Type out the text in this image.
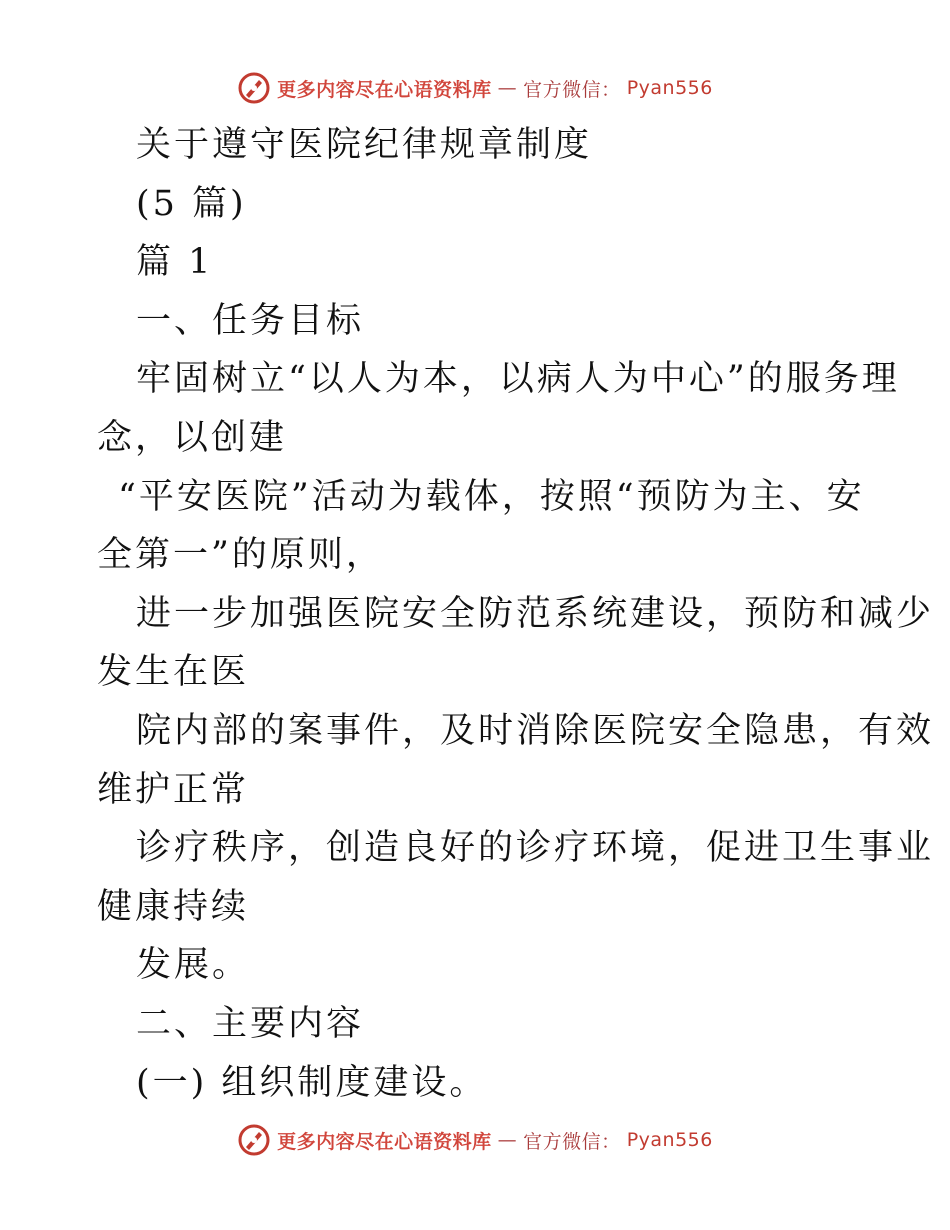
更多内容尽在心语资料库 — 官方微信： Pyan556
关于遵守医院纪律规章制度
(5 篇)
篇 1
一、任务目标
牢固树立“以人为本，以病人为中心”的服务理
念，以创建
“平安医院”活动为载体，按照“预防为主、安
全第一”的原则，
进一步加强医院安全防范系统建设，预防和减少
发生在医
院内部的案事件，及时消除医院安全隐患，有效
维护正常
诊疗秩序，创造良好的诊疗环境，促进卫生事业
健康持续
发展。
二、主要内容
(一) 组织制度建设。
更多内容尽在心语资料库 — 官方微信： Pyan556
